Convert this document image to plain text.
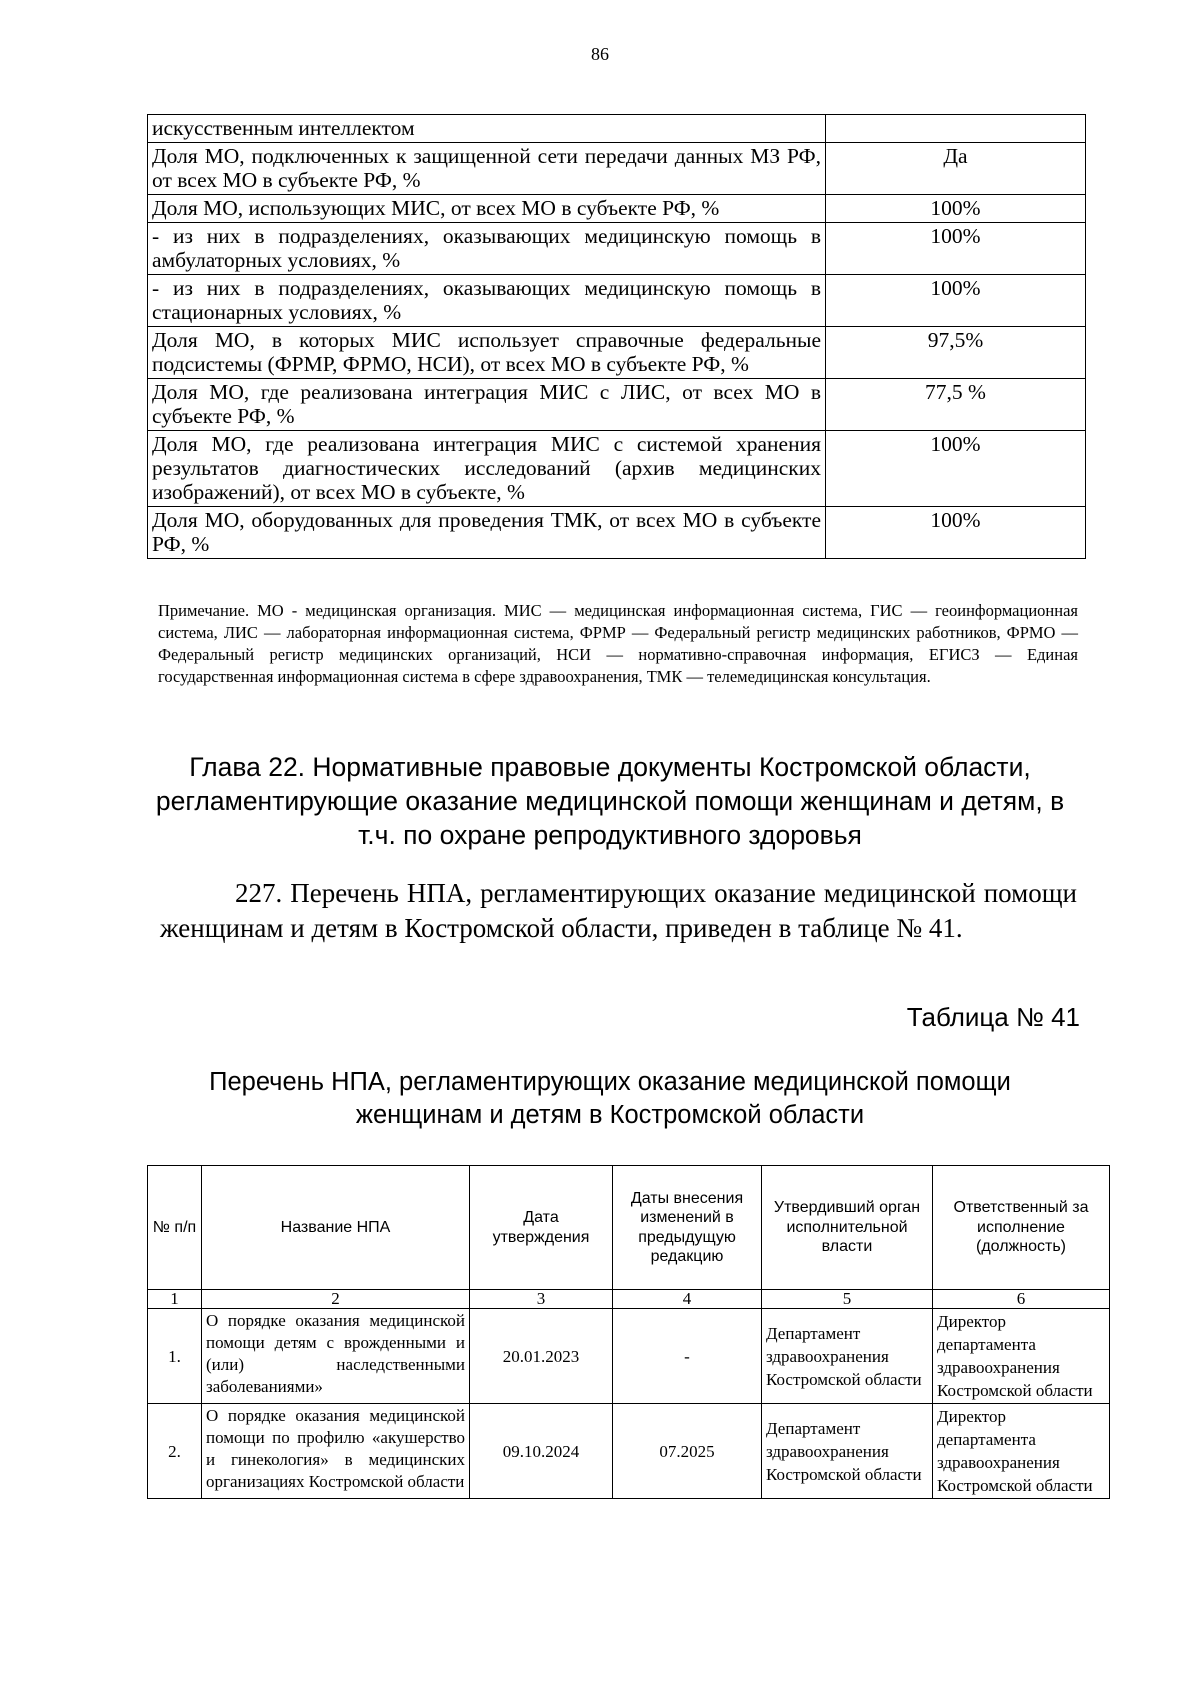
86
искусственным интеллектом	
Доля МО, подключенных к защищенной сети передачи данных МЗ РФ, от всех МО в субъекте РФ, %	Да
Доля МО, использующих МИС, от всех МО в субъекте РФ, %	100%
- из них в подразделениях, оказывающих медицинскую помощь в амбулаторных условиях, %	100%
- из них в подразделениях, оказывающих медицинскую помощь в стационарных условиях, %	100%
Доля МО, в которых МИС использует справочные федеральные подсистемы (ФРМР, ФРМО, НСИ), от всех МО в субъекте РФ, %	97,5%
Доля МО, где реализована интеграция МИС с ЛИС, от всех МО в субъекте РФ, %	77,5 %
Доля МО, где реализована интеграция МИС с системой хранения результатов диагностических исследований (архив медицинских изображений), от всех МО в субъекте, %	100%
Доля МО, оборудованных для проведения ТМК, от всех МО в субъекте РФ, %	100%
Примечание. МО - медицинская организация. МИС — медицинская информационная система, ГИС — геоинформационная система, ЛИС — лабораторная информационная система, ФРМР — Федеральный регистр медицинских работников, ФРМО — Федеральный регистр медицинских организаций, НСИ — нормативно-справочная информация, ЕГИСЗ — Единая государственная информационная система в сфере здравоохранения, ТМК — телемедицинская консультация.
Глава 22. Нормативные правовые документы Костромской области,
регламентирующие оказание медицинской помощи женщинам и детям, в
т.ч. по охране репродуктивного здоровья
227. Перечень НПА, регламентирующих оказание медицинской помощи женщинам и детям в Костромской области, приведен в таблице № 41.
Таблица № 41
Перечень НПА, регламентирующих оказание медицинской помощи
женщинам и детям в Костромской области
№ п/п	Название НПА	Дата утверждения	Даты внесения изменений в предыдущую редакцию	Утвердивший орган исполнительной власти	Ответственный за исполнение (должность)
1	2	3	4	5	6
1.	О порядке оказания медицинской помощи детям с врожденными и (или) наследственными заболеваниями»	20.01.2023	-	Департамент здравоохранения Костромской области	Директор департамента здравоохранения Костромской области
2.	О порядке оказания медицинской помощи по профилю «акушерство и гинекология» в медицинских организациях Костромской области	09.10.2024	07.2025	Департамент здравоохранения Костромской области	Директор департамента здравоохранения Костромской области
